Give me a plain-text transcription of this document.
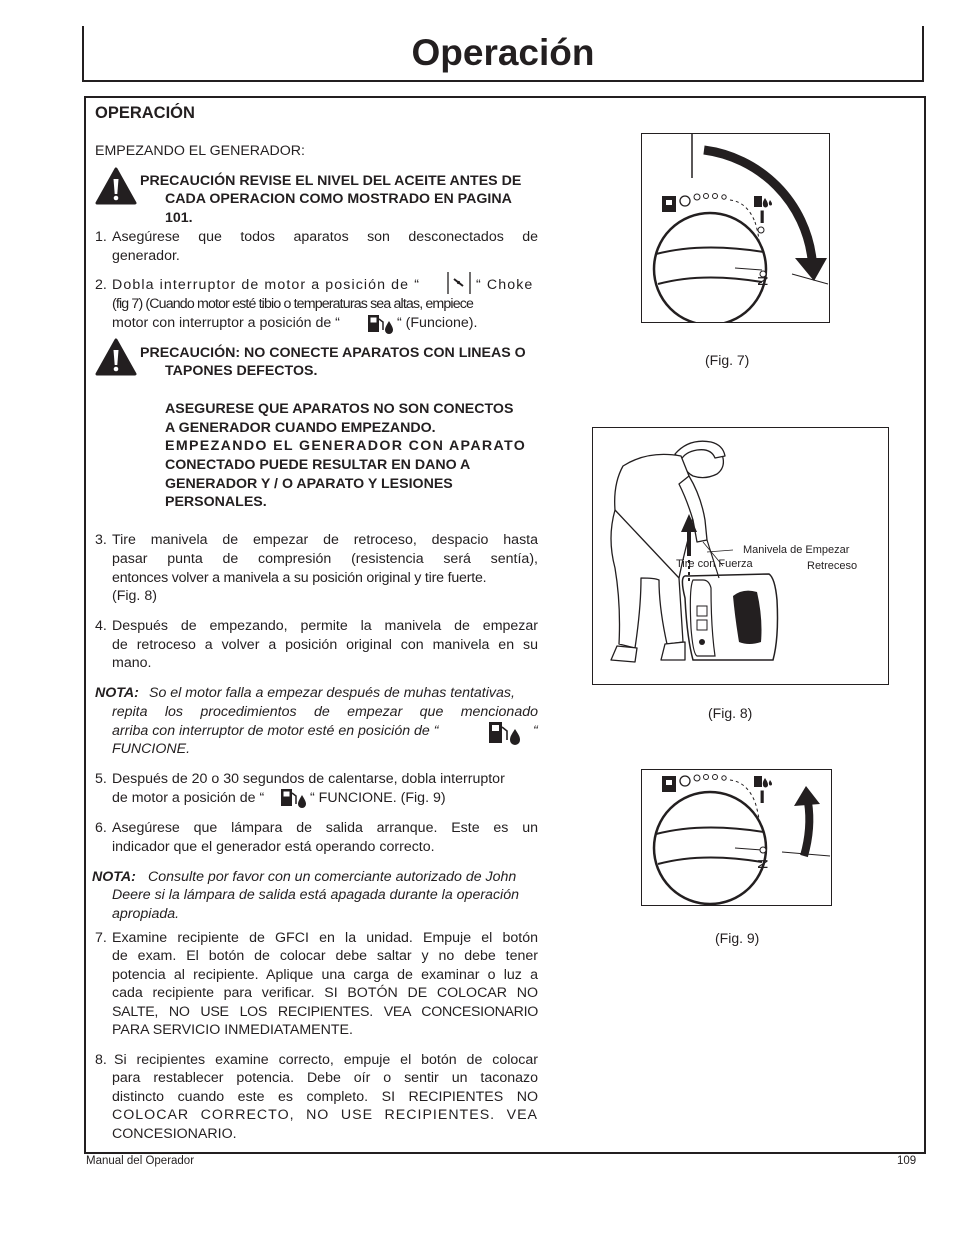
Operación
OPERACIÓN
EMPEZANDO EL GENERADOR:
PRECAUCIÓN REVISE EL NIVEL DEL ACEITE ANTES DE
CADA OPERACION COMO MOSTRADO EN PAGINA
101.
1. Asegúrese que todos aparatos son desconectados de
generador.
2. Dobla interruptor de motor a posición de “	“ Choke
(fig 7) (Cuando motor esté tibio o temperaturas sea altas, empiece
motor con interruptor a posición de “	“ (Funcione).
PRECAUCIÓN: NO CONECTE APARATOS CON LINEAS O
TAPONES DEFECTOS.
ASEGURESE QUE APARATOS NO SON CONECTOS
A GENERADOR CUANDO EMPEZANDO.
EMPEZANDO EL GENERADOR CON APARATO
CONECTADO PUEDE RESULTAR EN DANO A
GENERADOR Y / O APARATO Y LESIONES
PERSONALES.
3. Tire manivela de empezar de retroceso, despacio hasta
pasar punta de compresión (resistencia será sentía),
entonces volver a manivela a su posición original y tire fuerte.
(Fig. 8)
4. Después de empezando, permite la manivela de empezar
de retroceso a volver a posición original con manivela en su
mano.
NOTA: So el motor falla a empezar después de muhas tentativas,
repita los procedimientos de empezar que mencionado
arriba con interruptor de motor esté en posición de “	“
FUNCIONE.
5. Después de 20 o 30 segundos de calentarse, dobla interruptor
de motor a posición de “	“ FUNCIONE. (Fig. 9)
6. Asegúrese que lámpara de salida arranque. Este es un
indicador que el generador está operando correcto.
NOTA: Consulte por favor con un comerciante autorizado de John
Deere si la lámpara de salida está apagada durante la operación
apropiada.
7. Examine recipiente de GFCI en la unidad. Empuje el botón
de exam. El botón de colocar debe saltar y no debe tener
potencia al recipiente. Aplique una carga de examinar o luz a
cada recipiente para verificar. SI BOTÓN DE COLOCAR NO
SALTE, NO USE LOS RECIPIENTES. VEA CONCESIONARIO
PARA SERVICIO INMEDIATAMENTE.
8. Si recipientes examine correcto, empuje el botón de colocar
para restablecer potencia. Debe oír o sentir un taconazo
distincto cuando este es completo. SI RECIPIENTES NO
COLOCAR CORRECTO, NO USE RECIPIENTES. VEA
CONCESIONARIO.
I
N
(Fig. 7)
Manivela de Empezar
Retreceso
Tire con Fuerza
(Fig. 8)
I
N
(Fig. 9)
Manual del Operador	109
